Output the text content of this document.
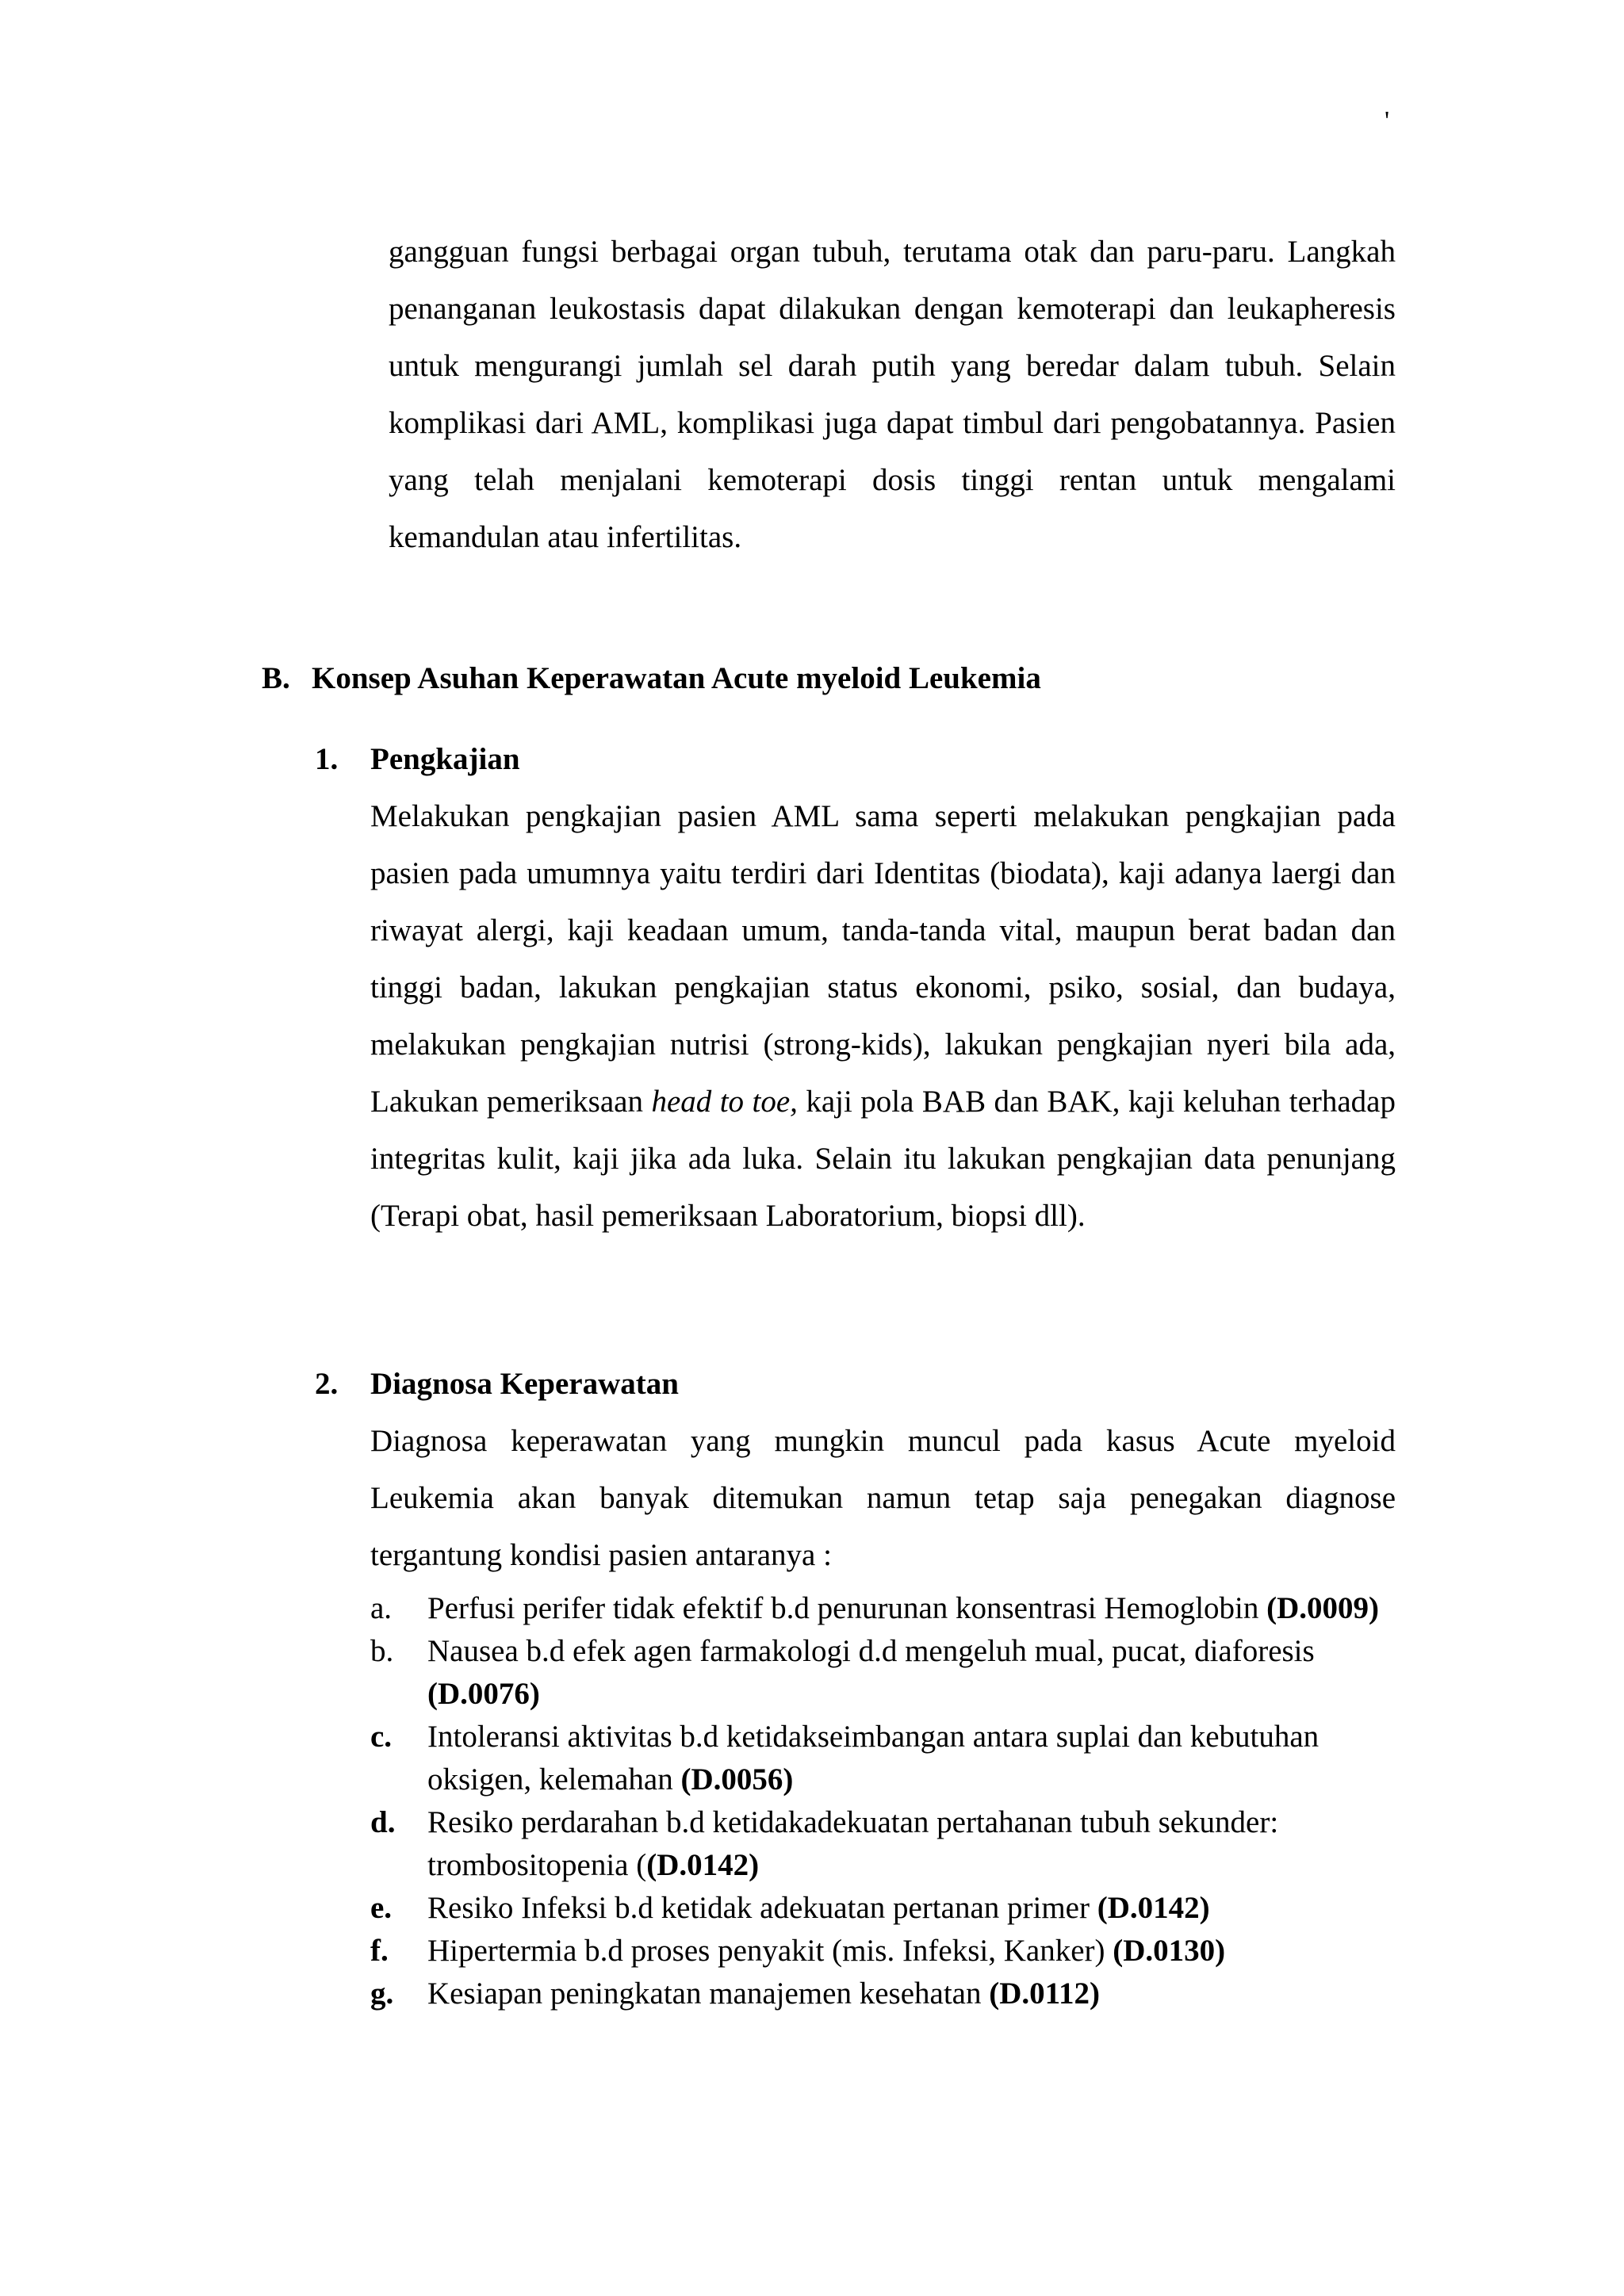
'

gangguan fungsi berbagai organ tubuh, terutama otak dan paru-paru. Langkah penanganan leukostasis dapat dilakukan dengan kemoterapi dan leukapheresis untuk mengurangi jumlah sel darah putih yang beredar dalam tubuh. Selain komplikasi dari AML, komplikasi juga dapat timbul dari pengobatannya. Pasien yang telah menjalani kemoterapi dosis tinggi rentan untuk mengalami kemandulan atau infertilitas.

B. Konsep Asuhan Keperawatan Acute myeloid Leukemia
1. Pengkajian

Melakukan pengkajian pasien AML sama seperti melakukan pengkajian pada pasien pada umumnya yaitu terdiri dari Identitas (biodata), kaji adanya laergi dan riwayat alergi, kaji keadaan umum, tanda-tanda vital, maupun berat badan dan tinggi badan, lakukan pengkajian status ekonomi, psiko, sosial, dan budaya, melakukan pengkajian nutrisi (strong-kids), lakukan pengkajian nyeri bila ada, Lakukan pemeriksaan head to toe, kaji pola BAB dan BAK, kaji keluhan terhadap integritas kulit, kaji jika ada luka. Selain itu lakukan pengkajian data penunjang (Terapi obat, hasil pemeriksaan Laboratorium, biopsi dll).

2. Diagnosa Keperawatan

Diagnosa keperawatan yang mungkin muncul pada kasus Acute myeloid Leukemia akan banyak ditemukan namun tetap saja penegakan diagnose tergantung kondisi pasien antaranya :

a.	Perfusi perifer tidak efektif b.d penurunan konsentrasi Hemoglobin (D.0009)
b.	Nausea b.d efek agen farmakologi d.d mengeluh mual, pucat, diaforesis (D.0076)
c.	Intoleransi aktivitas b.d ketidakseimbangan antara suplai dan kebutuhan oksigen, kelemahan (D.0056)
d.	Resiko perdarahan b.d ketidakadekuatan pertahanan tubuh sekunder: trombositopenia ((D.0142)
e.	Resiko Infeksi b.d ketidak adekuatan pertanan primer (D.0142)
f.	Hipertermia b.d proses penyakit (mis. Infeksi, Kanker) (D.0130)
g.	Kesiapan peningkatan manajemen kesehatan (D.0112)
